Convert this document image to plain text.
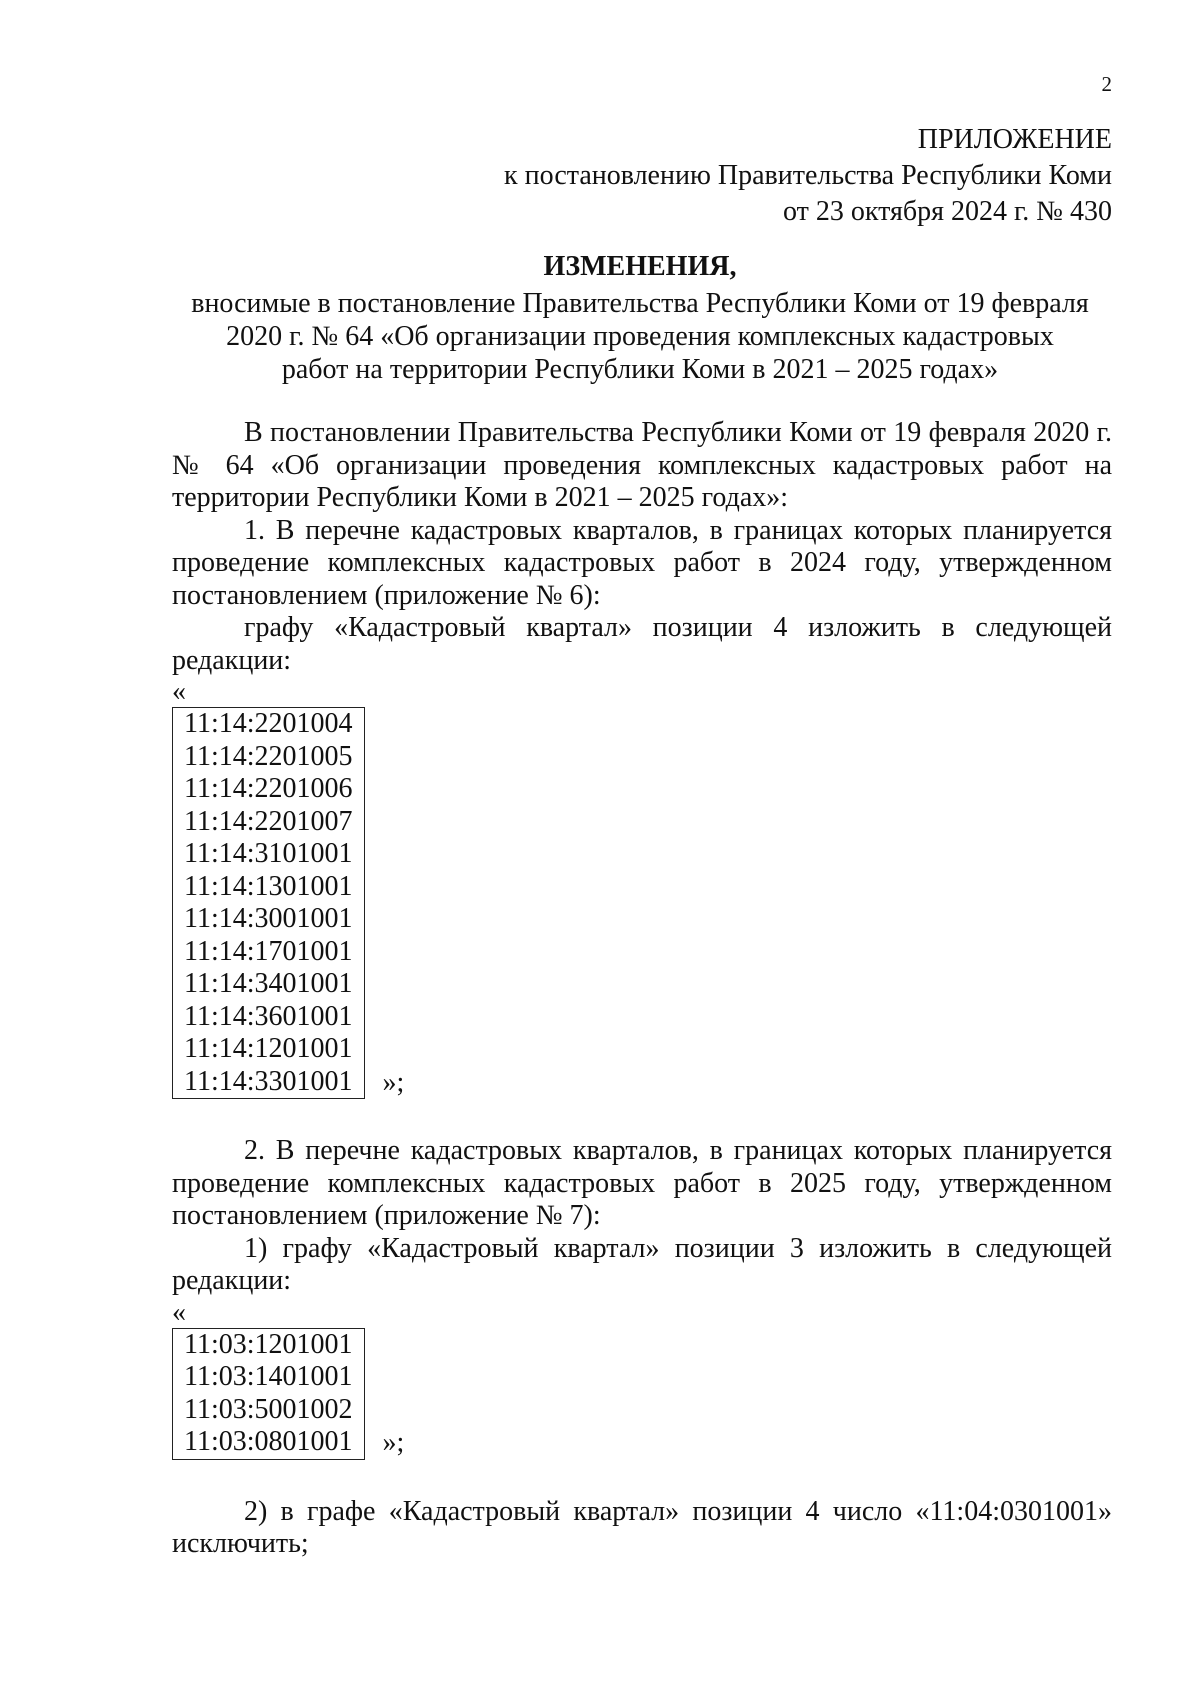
2
ПРИЛОЖЕНИЕ
к постановлению Правительства Республики Коми
от 23 октября 2024 г. № 430
ИЗМЕНЕНИЯ,
вносимые в постановление Правительства Республики Коми от 19 февраля
2020 г. № 64 «Об организации проведения комплексных кадастровых
работ на территории Республики Коми в 2021 – 2025 годах»

В постановлении Правительства Республики Коми от 19 февраля 2020 г. № 64 «Об организации проведения комплексных кадастровых работ на территории Республики Коми в 2021 – 2025 годах»:

1. В перечне кадастровых кварталов, в границах которых планируется проведение комплексных кадастровых работ в 2024 году, утвержденном постановлением (приложение № 6):

графу «Кадастровый квартал» позиции 4 изложить в следующей редакции:

«

11:14:2201004
11:14:2201005
11:14:2201006
11:14:2201007
11:14:3101001
11:14:1301001
11:14:3001001
11:14:1701001
11:14:3401001
11:14:3601001
11:14:1201001
11:14:3301001 »;

2. В перечне кадастровых кварталов, в границах которых планируется проведение комплексных кадастровых работ в 2025 году, утвержденном постановлением (приложение № 7):

1) графу «Кадастровый квартал» позиции 3 изложить в следующей редакции:

«

11:03:1201001
11:03:1401001
11:03:5001002
11:03:0801001 »;

2) в графе «Кадастровый квартал» позиции 4 число «11:04:0301001» исключить;
